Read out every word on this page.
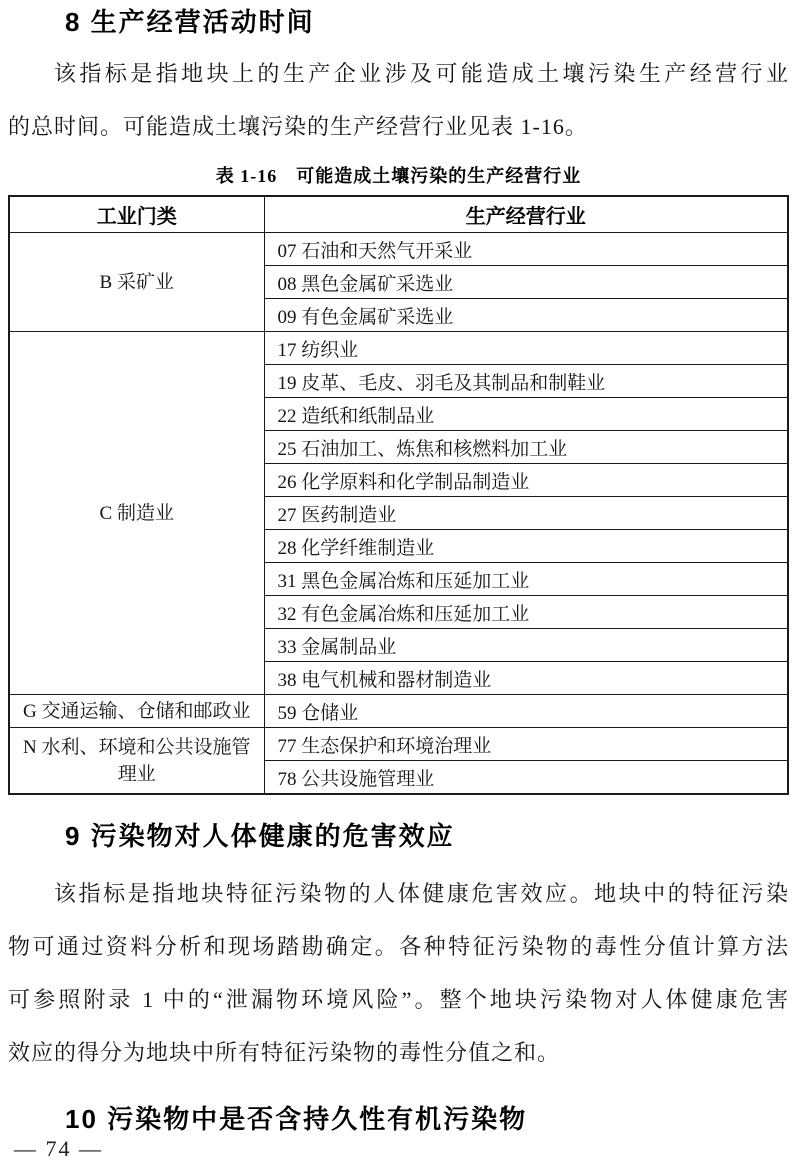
8 生产经营活动时间
该指标是指地块上的生产企业涉及可能造成土壤污染生产经营行业
的总时间。可能造成土壤污染的生产经营行业见表 1-16。
表 1-16　可能造成土壤污染的生产经营行业
工业门类	生产经营行业
B 采矿业	07 石油和天然气开采业
	08 黑色金属矿采选业
	09 有色金属矿采选业
C 制造业	17 纺织业
	19 皮革、毛皮、羽毛及其制品和制鞋业
	22 造纸和纸制品业
	25 石油加工、炼焦和核燃料加工业
	26 化学原料和化学制品制造业
	27 医药制造业
	28 化学纤维制造业
	31 黑色金属冶炼和压延加工业
	32 有色金属冶炼和压延加工业
	33 金属制品业
	38 电气机械和器材制造业
G 交通运输、仓储和邮政业	59 仓储业
N 水利、环境和公共设施管理业	77 生态保护和环境治理业
	78 公共设施管理业
9 污染物对人体健康的危害效应
该指标是指地块特征污染物的人体健康危害效应。地块中的特征污染
物可通过资料分析和现场踏勘确定。各种特征污染物的毒性分值计算方法
可参照附录 1 中的“泄漏物环境风险”。整个地块污染物对人体健康危害
效应的得分为地块中所有特征污染物的毒性分值之和。
10 污染物中是否含持久性有机污染物
— 74 —
